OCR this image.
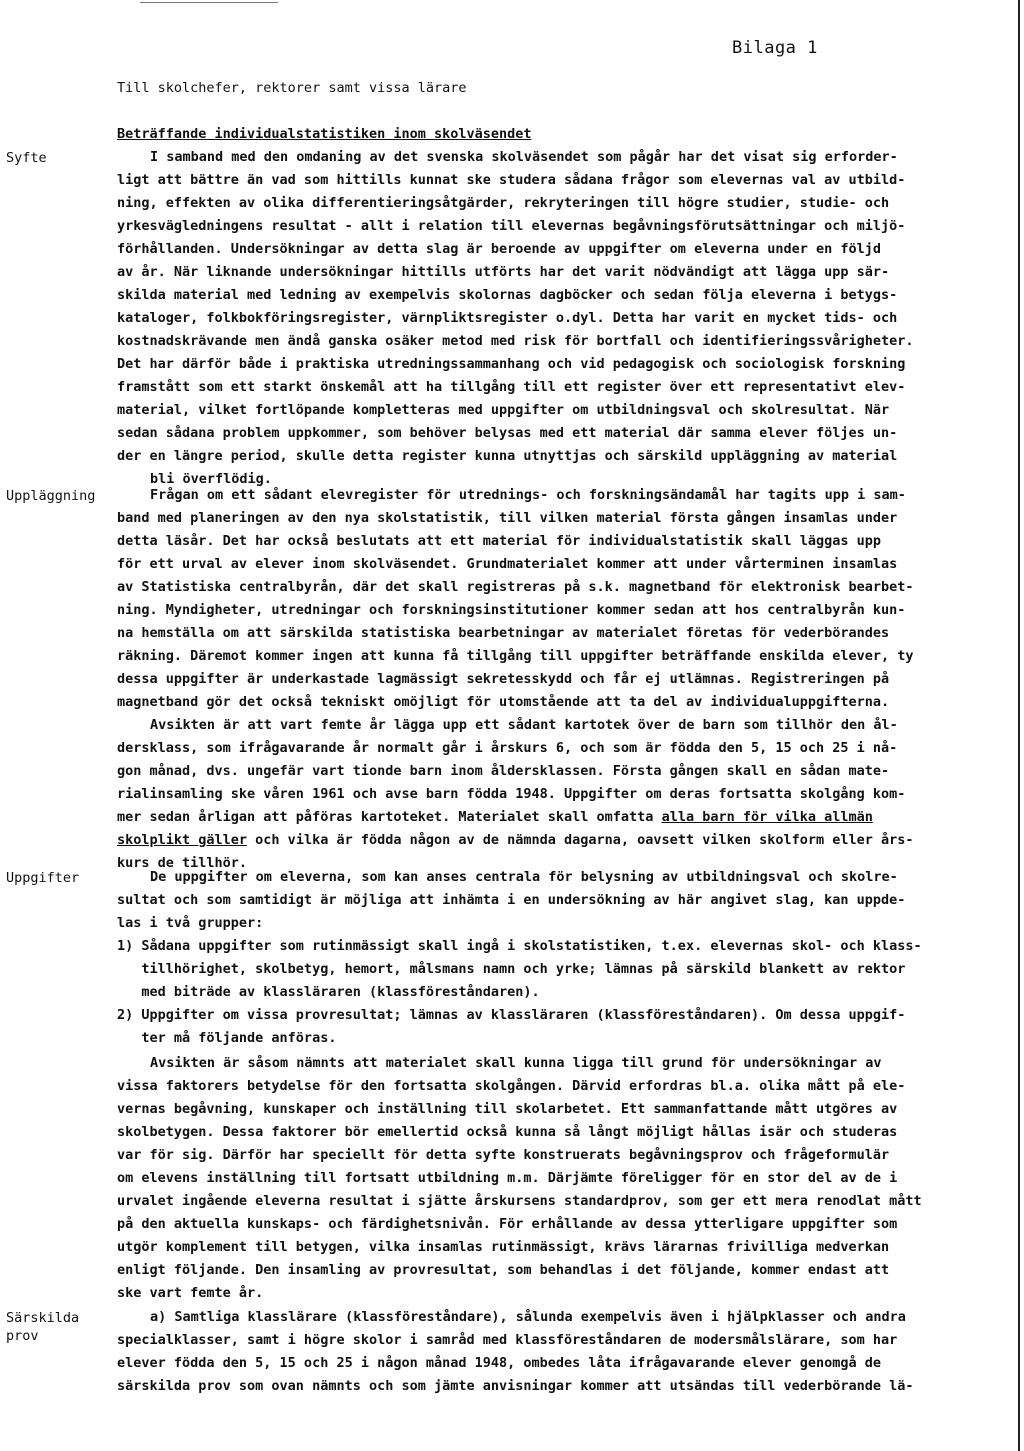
Bilaga 1
Till skolchefer, rektorer samt vissa lärare
Beträffande individualstatistiken inom skolväsendet
Syfte
Uppläggning
Uppgifter
Särskilda
prov
I samband med den omdaning av det svenska skolväsendet som pågår har det visat sig erforder-
ligt att bättre än vad som hittills kunnat ske studera sådana frågor som elevernas val av utbild-
ning, effekten av olika differentieringsåtgärder, rekryteringen till högre studier, studie- och
yrkesvägledningens resultat - allt i relation till elevernas begåvningsförutsättningar och miljö-
förhållanden. Undersökningar av detta slag är beroende av uppgifter om eleverna under en följd
av år. När liknande undersökningar hittills utförts har det varit nödvändigt att lägga upp sär-
skilda material med ledning av exempelvis skolornas dagböcker och sedan följa eleverna i betygs-
kataloger, folkbokföringsregister, värnpliktsregister o.dyl. Detta har varit en mycket tids- och
kostnadskrävande men ändå ganska osäker metod med risk för bortfall och identifieringssvårigheter.
Det har därför både i praktiska utredningssammanhang och vid pedagogisk och sociologisk forskning
framstått som ett starkt önskemål att ha tillgång till ett register över ett representativt elev-
material, vilket fortlöpande kompletteras med uppgifter om utbildningsval och skolresultat. När
sedan sådana problem uppkommer, som behöver belysas med ett material där samma elever följes un-
der en längre period, skulle detta register kunna utnyttjas och särskild uppläggning av material
bli överflödig.
Frågan om ett sådant elevregister för utrednings- och forskningsändamål har tagits upp i sam-
band med planeringen av den nya skolstatistik, till vilken material första gången insamlas under
detta läsår. Det har också beslutats att ett material för individualstatistik skall läggas upp
för ett urval av elever inom skolväsendet. Grundmaterialet kommer att under vårterminen insamlas
av Statistiska centralbyrån, där det skall registreras på s.k. magnetband för elektronisk bearbet-
ning. Myndigheter, utredningar och forskningsinstitutioner kommer sedan att hos centralbyrån kun-
na hemställa om att särskilda statistiska bearbetningar av materialet företas för vederbörandes
räkning. Däremot kommer ingen att kunna få tillgång till uppgifter beträffande enskilda elever, ty
dessa uppgifter är underkastade lagmässigt sekretesskydd och får ej utlämnas. Registreringen på
magnetband gör det också tekniskt omöjligt för utomstående att ta del av individualuppgifterna.
Avsikten är att vart femte år lägga upp ett sådant kartotek över de barn som tillhör den ål-
dersklass, som ifrågavarande år normalt går i årskurs 6, och som är födda den 5, 15 och 25 i nå-
gon månad, dvs. ungefär vart tionde barn inom åldersklassen. Första gången skall en sådan mate-
rialinsamling ske våren 1961 och avse barn födda 1948. Uppgifter om deras fortsatta skolgång kom-
mer sedan årligan att påföras kartoteket. Materialet skall omfatta alla barn för vilka allmän
skolplikt gäller och vilka är födda någon av de nämnda dagarna, oavsett vilken skolform eller års-
kurs de tillhör.
De uppgifter om eleverna, som kan anses centrala för belysning av utbildningsval och skolre-
sultat och som samtidigt är möjliga att inhämta i en undersökning av här angivet slag, kan uppde-
las i två grupper:
1) Sådana uppgifter som rutinmässigt skall ingå i skolstatistiken, t.ex. elevernas skol- och klass-
tillhörighet, skolbetyg, hemort, målsmans namn och yrke; lämnas på särskild blankett av rektor
med biträde av klassläraren (klassföreståndaren).
2) Uppgifter om vissa provresultat; lämnas av klassläraren (klassföreståndaren). Om dessa uppgif-
ter må följande anföras.
Avsikten är såsom nämnts att materialet skall kunna ligga till grund för undersökningar av
vissa faktorers betydelse för den fortsatta skolgången. Därvid erfordras bl.a. olika mått på ele-
vernas begåvning, kunskaper och inställning till skolarbetet. Ett sammanfattande mått utgöres av
skolbetygen. Dessa faktorer bör emellertid också kunna så långt möjligt hållas isär och studeras
var för sig. Därför har speciellt för detta syfte konstruerats begåvningsprov och frågeformulär
om elevens inställning till fortsatt utbildning m.m. Därjämte föreligger för en stor del av de i
urvalet ingående eleverna resultat i sjätte årskursens standardprov, som ger ett mera renodlat mått
på den aktuella kunskaps- och färdighetsnivån. För erhållande av dessa ytterligare uppgifter som
utgör komplement till betygen, vilka insamlas rutinmässigt, krävs lärarnas frivilliga medverkan
enligt följande. Den insamling av provresultat, som behandlas i det följande, kommer endast att
ske vart femte år.
a) Samtliga klasslärare (klassföreståndare), sålunda exempelvis även i hjälpklasser och andra
specialklasser, samt i högre skolor i samråd med klassföreståndaren de modersmålslärare, som har
elever födda den 5, 15 och 25 i någon månad 1948, ombedes låta ifrågavarande elever genomgå de
särskilda prov som ovan nämnts och som jämte anvisningar kommer att utsändas till vederbörande lä-
